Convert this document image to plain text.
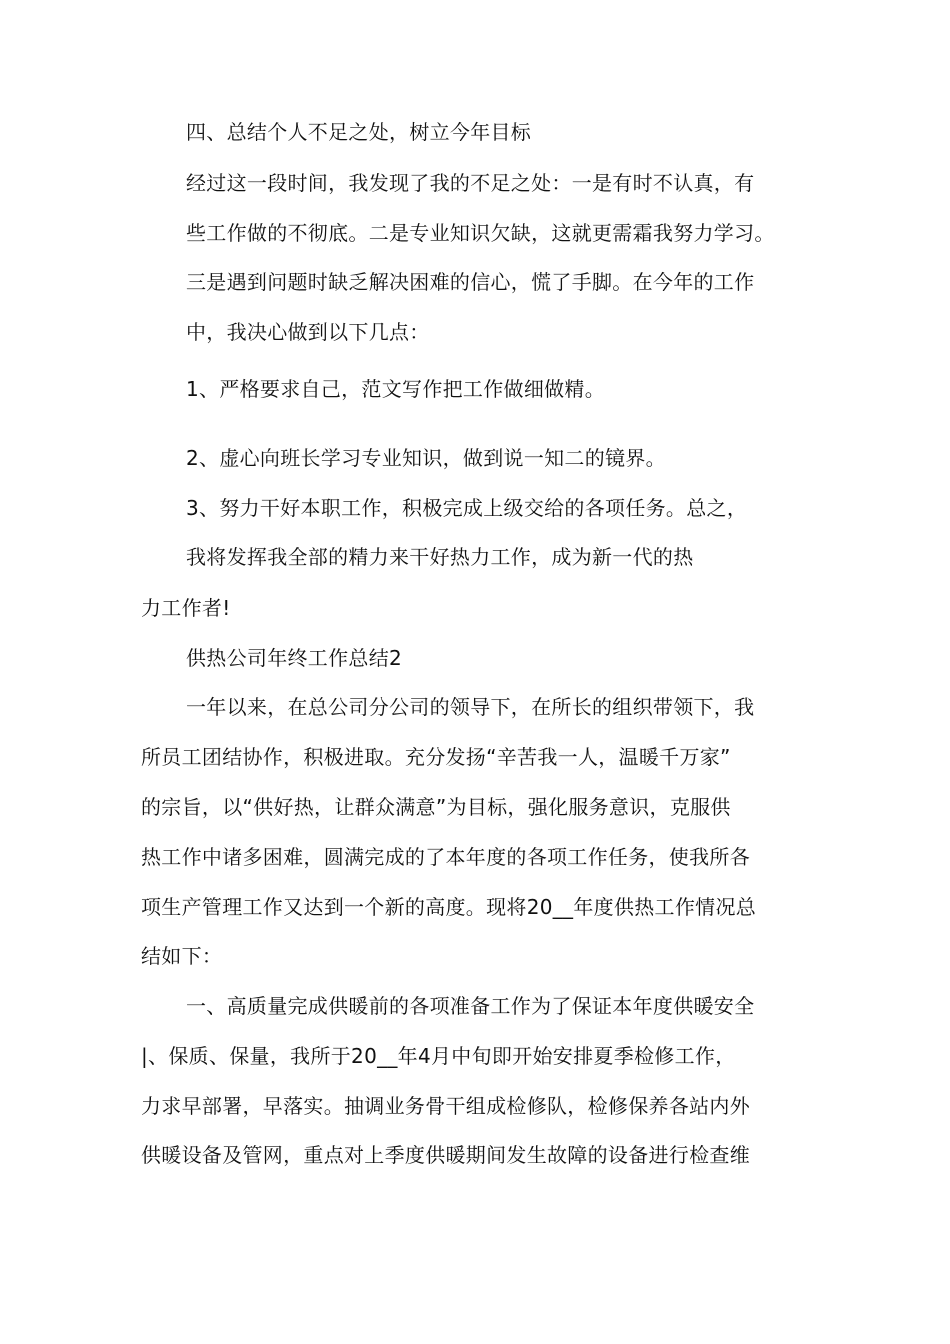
四、总结个人不足之处，树立今年目标
经过这一段时间，我发现了我的不足之处：一是有时不认真，有
些工作做的不彻底。二是专业知识欠缺，这就更需霜我努力学习。
三是遇到问题时缺乏解决困难的信心，慌了手脚。在今年的工作
中，我决心做到以下几点：
1、严格要求自己，范文写作把工作做细做精。
2、虚心向班长学习专业知识，做到说一知二的镜界。
3、努力干好本职工作，积极完成上级交给的各项任务。总之，
我将发挥我全部的精力来干好热力工作，成为新一代的热
力工作者!
供热公司年终工作总结2
一年以来，在总公司分公司的领导下，在所长的组织带领下，我
所员工团结协作，积极进取。充分发扬“辛苦我一人，温暖千万家”
的宗旨，以“供好热，让群众满意”为目标，强化服务意识，克服供
热工作中诸多困难，圆满完成的了本年度的各项工作任务，使我所各
项生产管理工作又达到一个新的高度。现将20__年度供热工作情况总
结如下：
一、高质量完成供暖前的各项准备工作为了保证本年度供暖安全
|、保质、保量，我所于20__年4月中旬即开始安排夏季检修工作，
力求早部署，早落实。抽调业务骨干组成检修队，检修保养各站内外
供暖设备及管网，重点对上季度供暖期间发生故障的设备进行检查维
